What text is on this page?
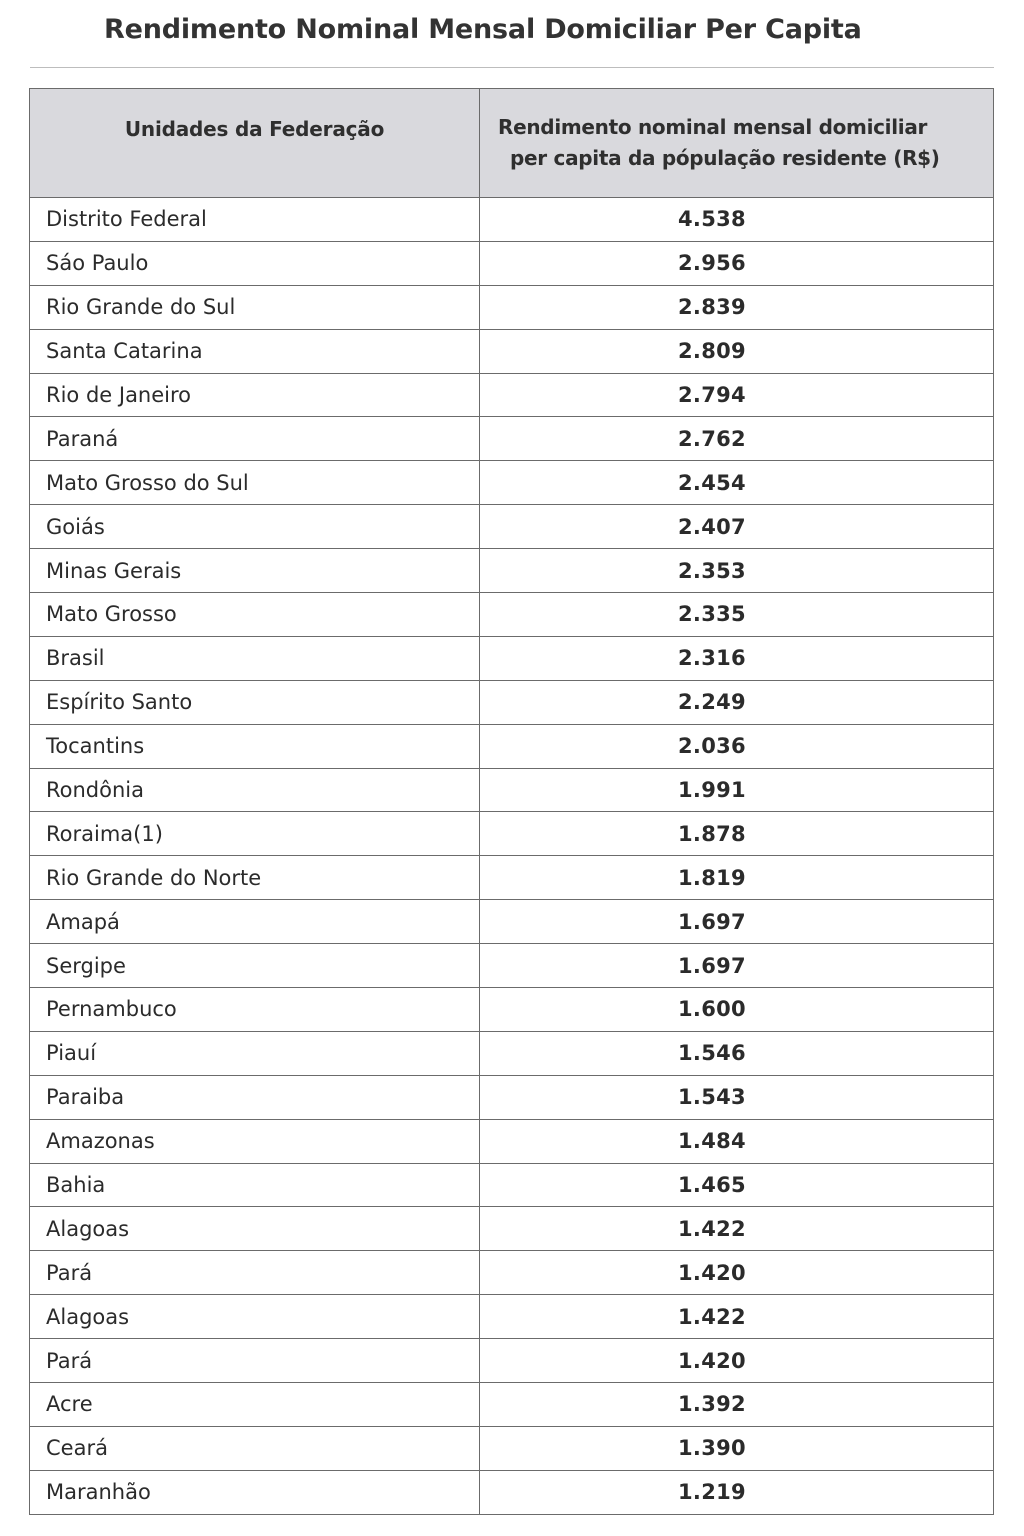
Rendimento Nominal Mensal Domiciliar Per Capita
Unidades da Federação	Rendimento nominal mensal domiciliar
per capita da pópulação residente (R$)

Distrito Federal	4.538
Sáo Paulo	2.956
Rio Grande do Sul	2.839
Santa Catarina	2.809
Rio de Janeiro	2.794
Paraná	2.762
Mato Grosso do Sul	2.454
Goiás	2.407
Minas Gerais	2.353
Mato Grosso	2.335
Brasil	2.316
Espírito Santo	2.249
Tocantins	2.036
Rondônia	1.991
Roraima(1)	1.878
Rio Grande do Norte	1.819
Amapá	1.697
Sergipe	1.697
Pernambuco	1.600
Piauí	1.546
Paraiba	1.543
Amazonas	1.484
Bahia	1.465
Alagoas	1.422
Pará	1.420
Alagoas	1.422
Pará	1.420
Acre	1.392
Ceará	1.390
Maranhão	1.219
